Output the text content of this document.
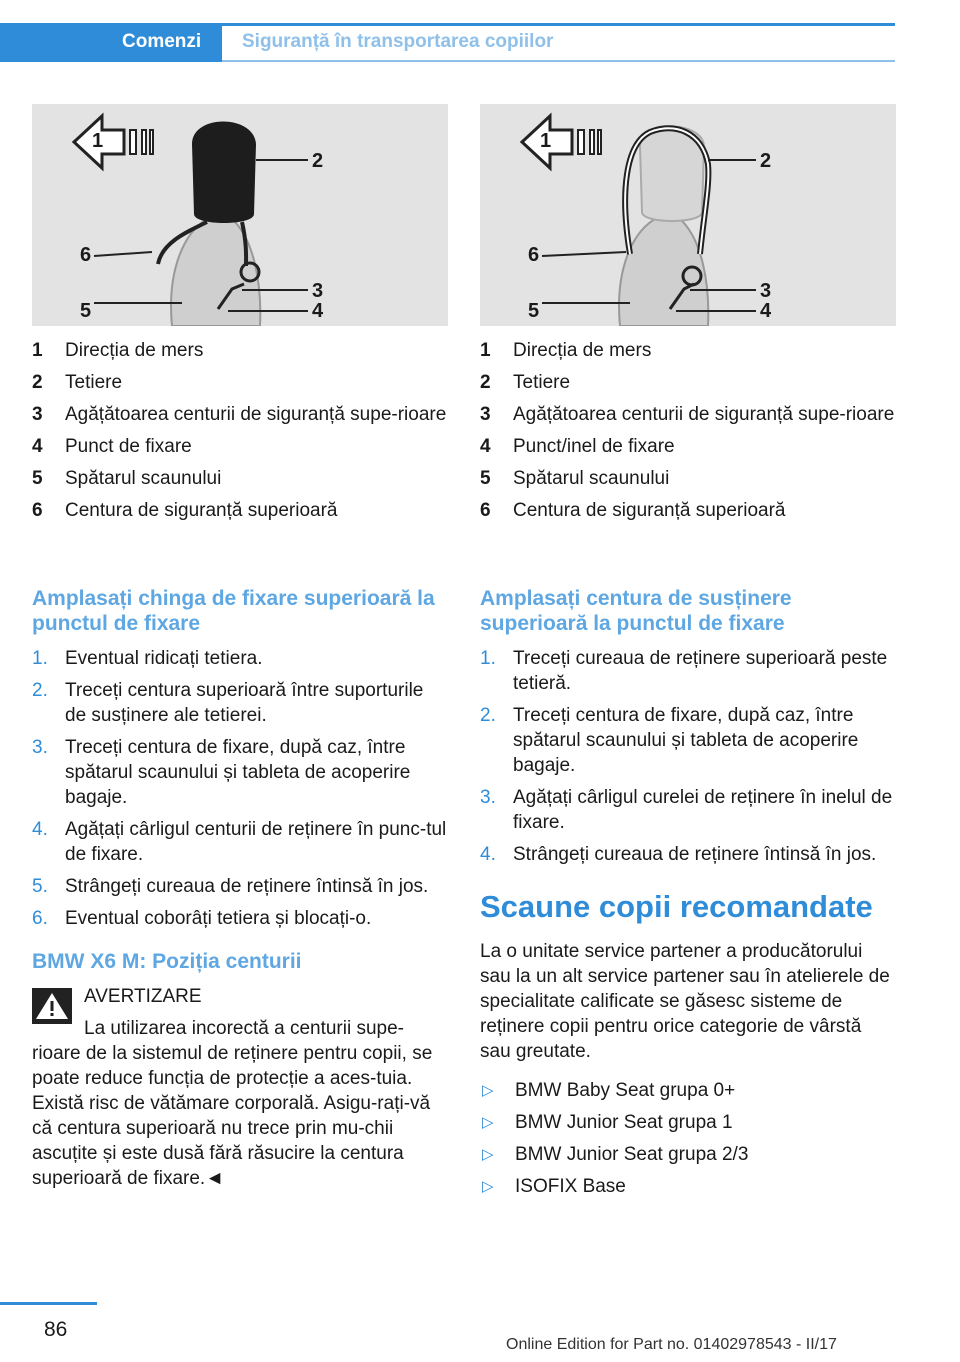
Comenzi Siguranță în transportarea copiilor
1
2
3
4
5
6
1	Direcția de mers
2	Tetiere
3	Agățătoarea centurii de siguranță supe-rioare
4	Punct de fixare
5	Spătarul scaunului
6	Centura de siguranță superioară
Amplasați chinga de fixare superioară la punctul de fixare
1. Eventual ridicați tetiera.
2. Treceți centura superioară între suporturile de susținere ale tetierei.
3. Treceți centura de fixare, după caz, între spătarul scaunului și tableta de acoperire bagaje.
4. Agățați cârligul centurii de reținere în punc-tul de fixare.
5. Strângeți cureaua de reținere întinsă în jos.
6. Eventual coborâți tetiera și blocați-o.
BMW X6 M: Poziția centurii
AVERTIZARE
La utilizarea incorectă a centurii supe-rioare de la sistemul de reținere pentru copii, se poate reduce funcția de protecție a aces-tuia. Există risc de vătămare corporală. Asigu-rați-vă că centura superioară nu trece prin mu-chii ascuțite și este dusă fără răsucire la centura superioară de fixare.◄
1
2
3
4
5
6
1	Direcția de mers
2	Tetiere
3	Agățătoarea centurii de siguranță supe-rioare
4	Punct/inel de fixare
5	Spătarul scaunului
6	Centura de siguranță superioară
Amplasați centura de susținere superioară la punctul de fixare
1. Treceți cureaua de reținere superioară peste tetieră.
2. Treceți centura de fixare, după caz, între spătarul scaunului și tableta de acoperire bagaje.
3. Agățați cârligul curelei de reținere în inelul de fixare.
4. Strângeți cureaua de reținere întinsă în jos.
Scaune copii recomandate
La o unitate service partener a producătorului sau la un alt service partener sau în atelierele de specialitate calificate se găsesc sisteme de reținere copii pentru orice categorie de vârstă sau greutate.
▷	BMW Baby Seat grupa 0+
▷	BMW Junior Seat grupa 1
▷	BMW Junior Seat grupa 2/3
▷	ISOFIX Base
86
Online Edition for Part no. 01402978543 - II/17
